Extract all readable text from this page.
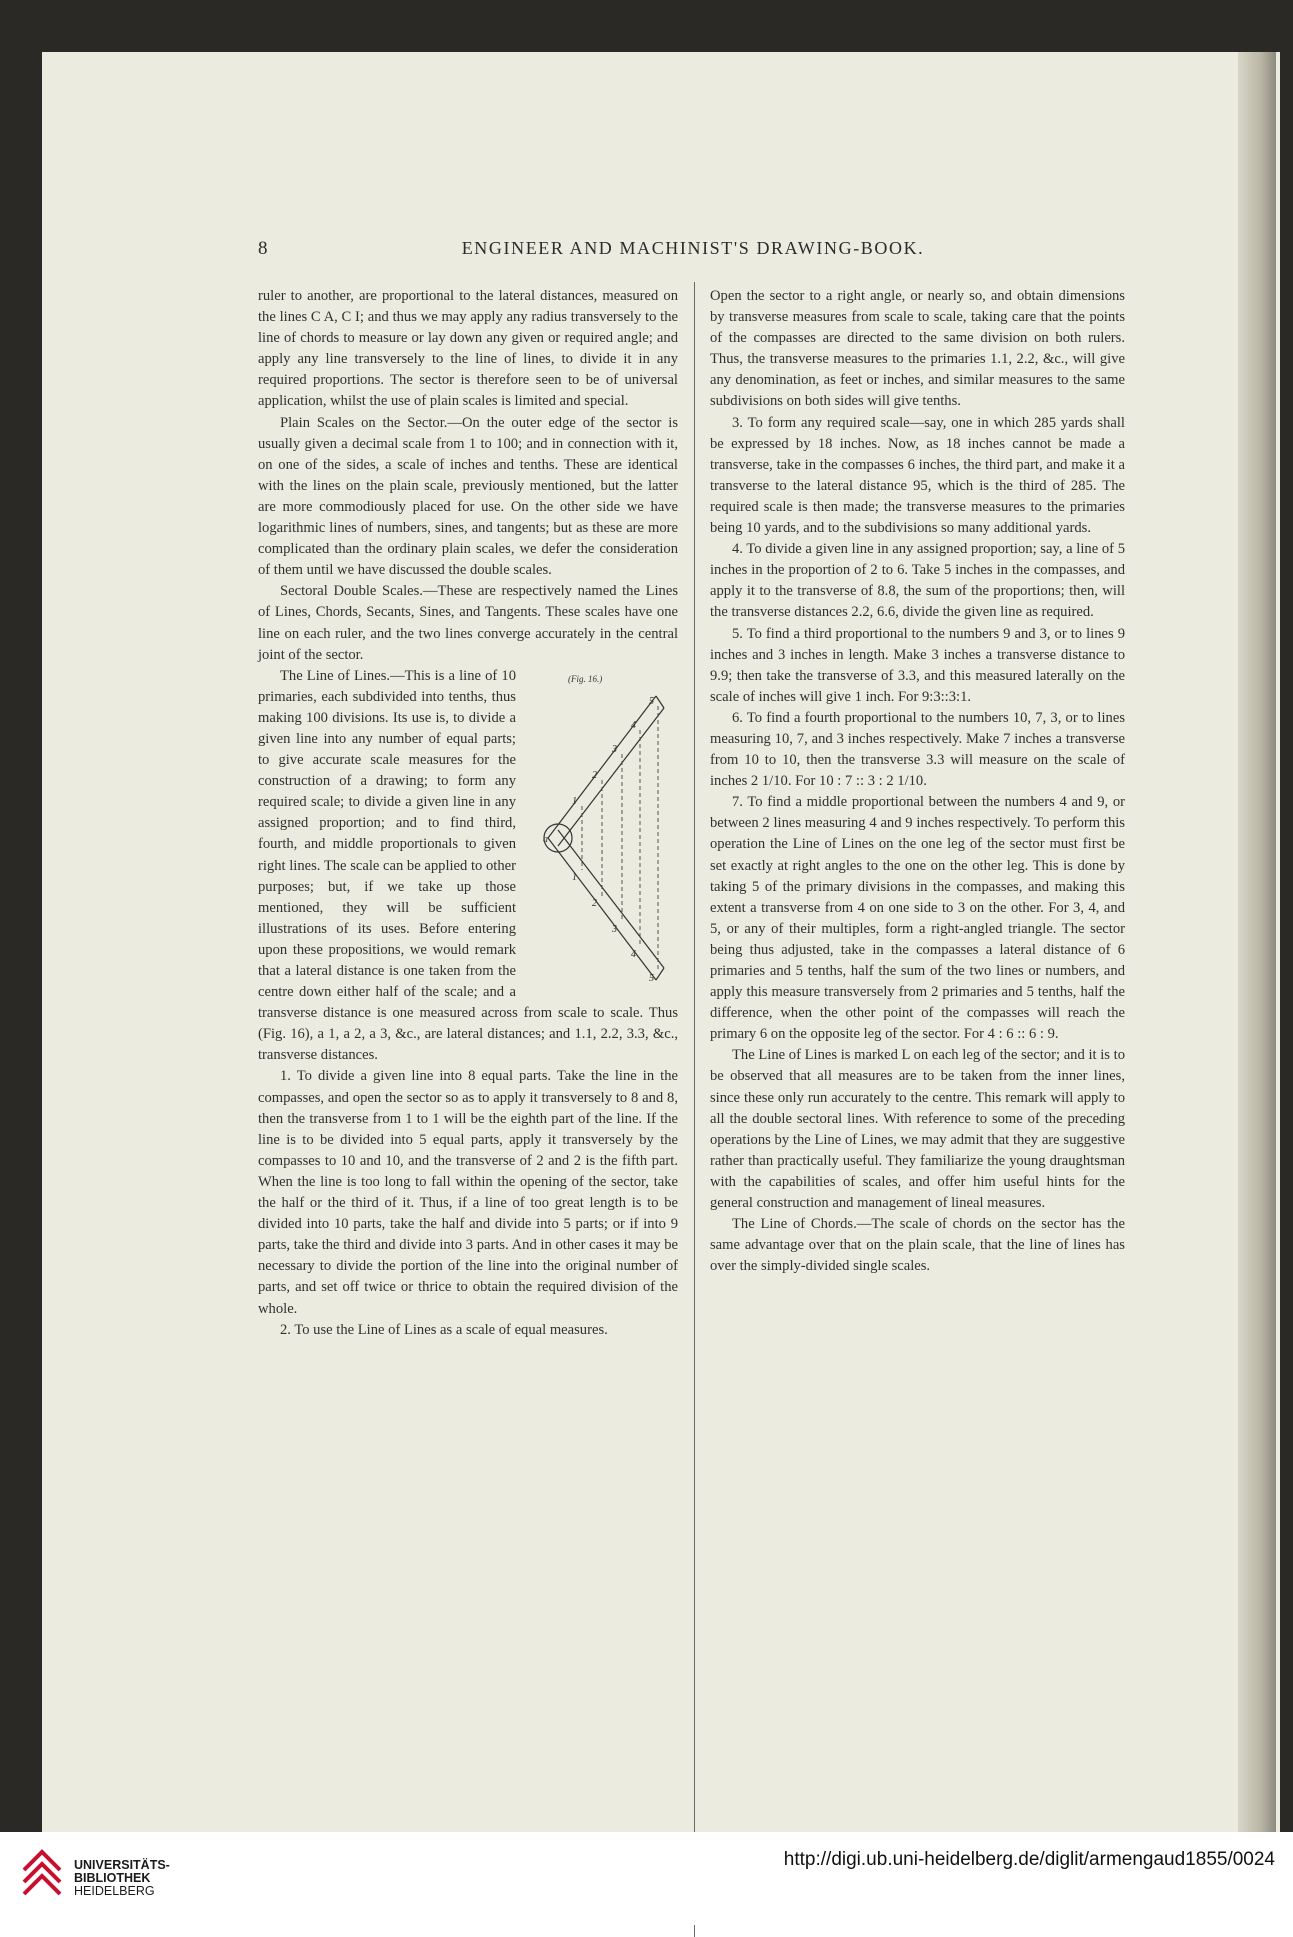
8	ENGINEER AND MACHINIST'S DRAWING-BOOK.

ruler to another, are proportional to the lateral distances, measured on the lines C A, C I; and thus we may apply any radius transversely to the line of chords to measure or lay down any given or required angle; and apply any line transversely to the line of lines, to divide it in any required proportions. The sector is therefore seen to be of universal application, whilst the use of plain scales is limited and special.

Plain Scales on the Sector.—On the outer edge of the sector is usually given a decimal scale from 1 to 100; and in connection with it, on one of the sides, a scale of inches and tenths. These are identical with the lines on the plain scale, previously mentioned, but the latter are more commodiously placed for use. On the other side we have logarithmic lines of numbers, sines, and tangents; but as these are more complicated than the ordinary plain scales, we defer the consideration of them until we have discussed the double scales.

Sectoral Double Scales.—These are respectively named the Lines of Lines, Chords, Secants, Sines, and Tangents. These scales have one line on each ruler, and the two lines converge accurately in the central joint of the sector.

(Fig. 16.)
1
2
3
4
5
a
1
2
3
4
5

The Line of Lines.—This is a line of 10 primaries, each subdivided into tenths, thus making 100 divisions. Its use is, to divide a given line into any number of equal parts; to give accurate scale measures for the construction of a drawing; to form any required scale; to divide a given line in any assigned proportion; and to find third, fourth, and middle proportionals to given right lines. The scale can be applied to other purposes; but, if we take up those mentioned, they will be sufficient illustrations of its uses. Before entering upon these propositions, we would remark that a lateral distance is one taken from the centre down either half of the scale; and a transverse distance is one measured across from scale to scale. Thus (Fig. 16), a 1, a 2, a 3, &c., are lateral distances; and 1.1, 2.2, 3.3, &c., transverse distances.

1. To divide a given line into 8 equal parts. Take the line in the compasses, and open the sector so as to apply it transversely to 8 and 8, then the transverse from 1 to 1 will be the eighth part of the line. If the line is to be divided into 5 equal parts, apply it transversely by the compasses to 10 and 10, and the transverse of 2 and 2 is the fifth part. When the line is too long to fall within the opening of the sector, take the half or the third of it. Thus, if a line of too great length is to be divided into 10 parts, take the half and divide into 5 parts; or if into 9 parts, take the third and divide into 3 parts. And in other cases it may be necessary to divide the portion of the line into the original number of parts, and set off twice or thrice to obtain the required division of the whole.

2. To use the Line of Lines as a scale of equal measures.

Open the sector to a right angle, or nearly so, and obtain dimensions by transverse measures from scale to scale, taking care that the points of the compasses are directed to the same division on both rulers. Thus, the transverse measures to the primaries 1.1, 2.2, &c., will give any denomination, as feet or inches, and similar measures to the same subdivisions on both sides will give tenths.

3. To form any required scale—say, one in which 285 yards shall be expressed by 18 inches. Now, as 18 inches cannot be made a transverse, take in the compasses 6 inches, the third part, and make it a transverse to the lateral distance 95, which is the third of 285. The required scale is then made; the transverse measures to the primaries being 10 yards, and to the subdivisions so many additional yards.

4. To divide a given line in any assigned proportion; say, a line of 5 inches in the proportion of 2 to 6. Take 5 inches in the compasses, and apply it to the transverse of 8.8, the sum of the proportions; then, will the transverse distances 2.2, 6.6, divide the given line as required.

5. To find a third proportional to the numbers 9 and 3, or to lines 9 inches and 3 inches in length. Make 3 inches a transverse distance to 9.9; then take the transverse of 3.3, and this measured laterally on the scale of inches will give 1 inch. For 9:3::3:1.

6. To find a fourth proportional to the numbers 10, 7, 3, or to lines measuring 10, 7, and 3 inches respectively. Make 7 inches a transverse from 10 to 10, then the transverse 3.3 will measure on the scale of inches 2 1/10. For 10 : 7 :: 3 : 2 1/10.

7. To find a middle proportional between the numbers 4 and 9, or between 2 lines measuring 4 and 9 inches respectively. To perform this operation the Line of Lines on the one leg of the sector must first be set exactly at right angles to the one on the other leg. This is done by taking 5 of the primary divisions in the compasses, and making this extent a transverse from 4 on one side to 3 on the other. For 3, 4, and 5, or any of their multiples, form a right-angled triangle. The sector being thus adjusted, take in the compasses a lateral distance of 6 primaries and 5 tenths, half the sum of the two lines or numbers, and apply this measure transversely from 2 primaries and 5 tenths, half the difference, when the other point of the compasses will reach the primary 6 on the opposite leg of the sector. For 4 : 6 :: 6 : 9.

The Line of Lines is marked L on each leg of the sector; and it is to be observed that all measures are to be taken from the inner lines, since these only run accurately to the centre. This remark will apply to all the double sectoral lines. With reference to some of the preceding operations by the Line of Lines, we may admit that they are suggestive rather than practically useful. They familiarize the young draughtsman with the capabilities of scales, and offer him useful hints for the general construction and management of lineal measures.

The Line of Chords.—The scale of chords on the sector has the same advantage over that on the plain scale, that the line of lines has over the simply-divided single scales.

UNIVERSITÄTS-
BIBLIOTHEK
HEIDELBERG
http://digi.ub.uni-heidelberg.de/diglit/armengaud1855/0024
